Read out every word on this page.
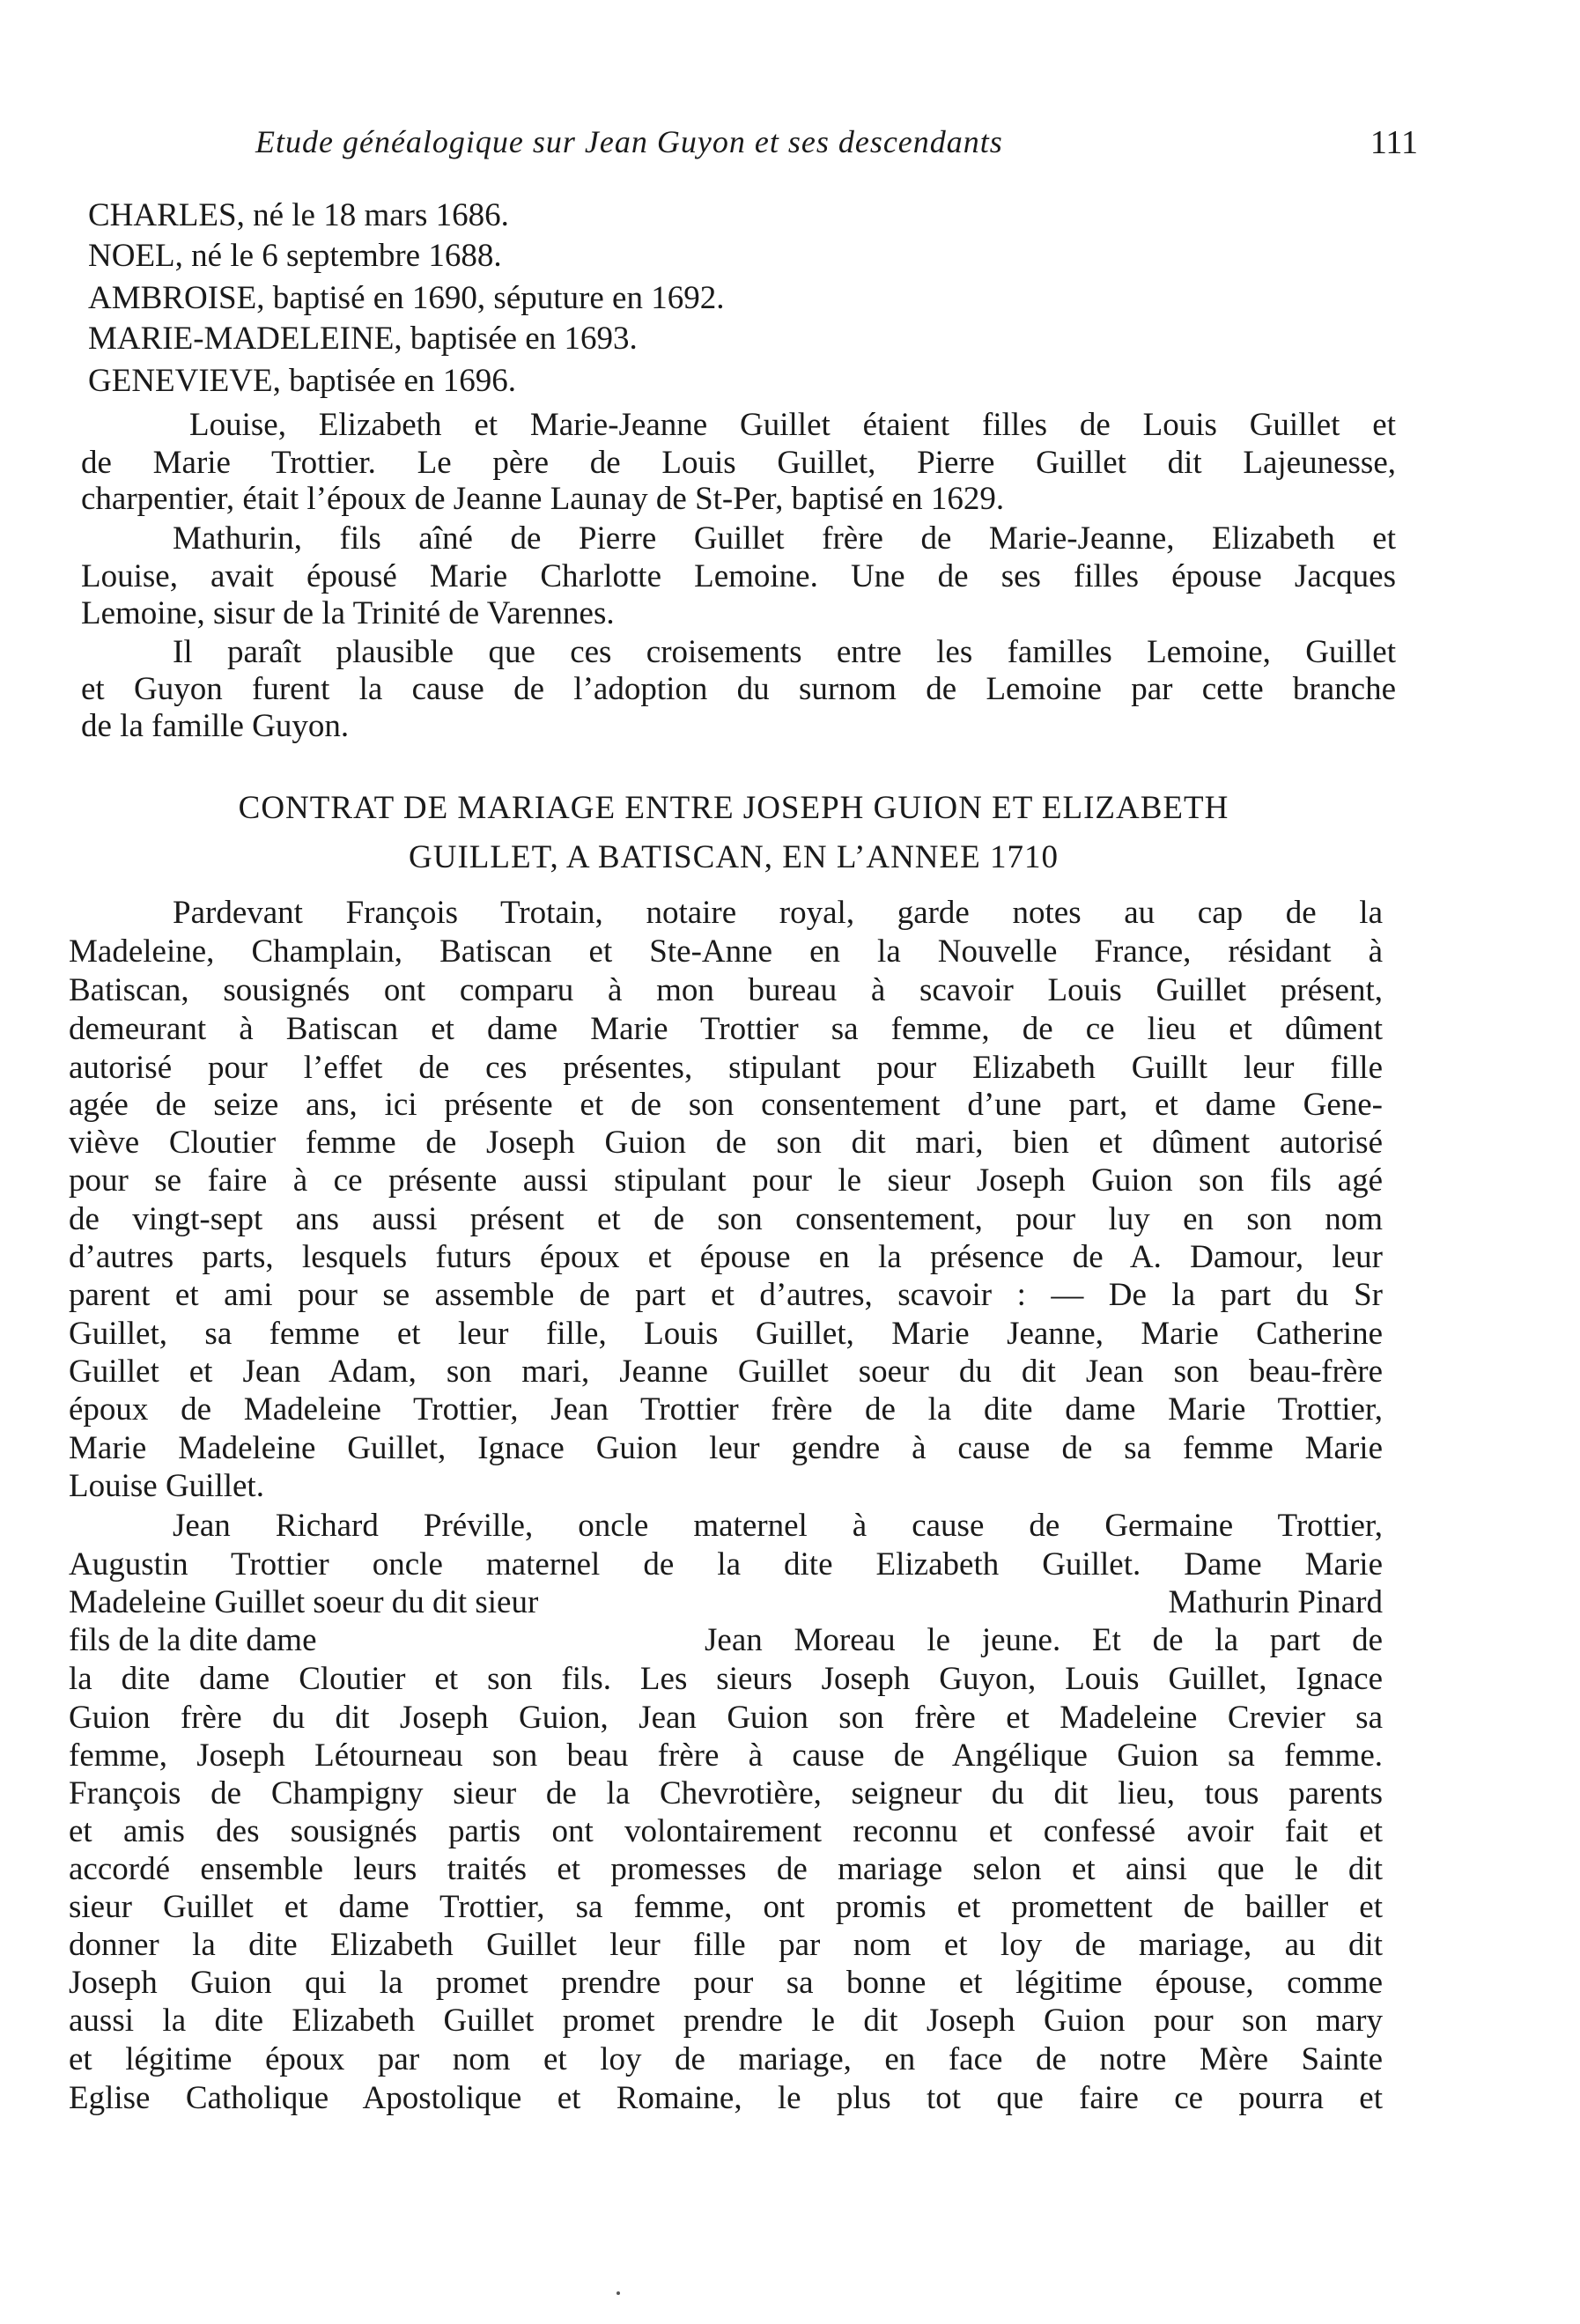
Etude généalogique sur Jean Guyon et ses descendants	111
CHARLES, né le 18 mars 1686.
NOEL, né le 6 septembre 1688.
AMBROISE, baptisé en 1690, séputure en 1692.
MARIE-MADELEINE, baptisée en 1693.
GENEVIEVE, baptisée en 1696.
Louise, Elizabeth et Marie-Jeanne Guillet étaient filles de Louis Guillet et
de Marie Trottier. Le père de Louis Guillet, Pierre Guillet dit Lajeunesse,
charpentier, était l’époux de Jeanne Launay de St-Per, baptisé en 1629.
Mathurin, fils aîné de Pierre Guillet frère de Marie-Jeanne, Elizabeth et
Louise, avait épousé Marie Charlotte Lemoine. Une de ses filles épouse Jacques
Lemoine, sisur de la Trinité de Varennes.
Il paraît plausible que ces croisements entre les familles Lemoine, Guillet
et Guyon furent la cause de l’adoption du surnom de Lemoine par cette branche
de la famille Guyon.
CONTRAT DE MARIAGE ENTRE JOSEPH GUION ET ELIZABETH
GUILLET, A BATISCAN, EN L’ANNEE 1710
Pardevant François Trotain, notaire royal, garde notes au cap de la
Madeleine, Champlain, Batiscan et Ste-Anne en la Nouvelle France, résidant à
Batiscan, sousignés ont comparu à mon bureau à scavoir Louis Guillet présent,
demeurant à Batiscan et dame Marie Trottier sa femme, de ce lieu et dûment
autorisé pour l’effet de ces présentes, stipulant pour Elizabeth Guillt leur fille
agée de seize ans, ici présente et de son consentement d’une part, et dame Gene-
viève Cloutier femme de Joseph Guion de son dit mari, bien et dûment autorisé
pour se faire à ce présente aussi stipulant pour le sieur Joseph Guion son fils agé
de vingt-sept ans aussi présent et de son consentement, pour luy en son nom
d’autres parts, lesquels futurs époux et épouse en la présence de A. Damour, leur
parent et ami pour se assemble de part et d’autres, scavoir : — De la part du Sr
Guillet, sa femme et leur fille, Louis Guillet, Marie Jeanne, Marie Catherine
Guillet et Jean Adam, son mari, Jeanne Guillet soeur du dit Jean son beau-frère
époux de Madeleine Trottier, Jean Trottier frère de la dite dame Marie Trottier,
Marie Madeleine Guillet, Ignace Guion leur gendre à cause de sa femme Marie
Louise Guillet.
Jean Richard Préville, oncle maternel à cause de Germaine Trottier,
Augustin Trottier oncle maternel de la dite Elizabeth Guillet. Dame Marie
Madeleine Guillet soeur du dit sieur	Mathurin Pinard
fils de la dite dame	Jean Moreau le jeune. Et de la part de
la dite dame Cloutier et son fils. Les sieurs Joseph Guyon, Louis Guillet, Ignace
Guion frère du dit Joseph Guion, Jean Guion son frère et Madeleine Crevier sa
femme, Joseph Létourneau son beau frère à cause de Angélique Guion sa femme.
François de Champigny sieur de la Chevrotière, seigneur du dit lieu, tous parents
et amis des sousignés partis ont volontairement reconnu et confessé avoir fait et
accordé ensemble leurs traités et promesses de mariage selon et ainsi que le dit
sieur Guillet et dame Trottier, sa femme, ont promis et promettent de bailler et
donner la dite Elizabeth Guillet leur fille par nom et loy de mariage, au dit
Joseph Guion qui la promet prendre pour sa bonne et légitime épouse, comme
aussi la dite Elizabeth Guillet promet prendre le dit Joseph Guion pour son mary
et légitime époux par nom et loy de mariage, en face de notre Mère Sainte
Eglise Catholique Apostolique et Romaine, le plus tot que faire ce pourra et
